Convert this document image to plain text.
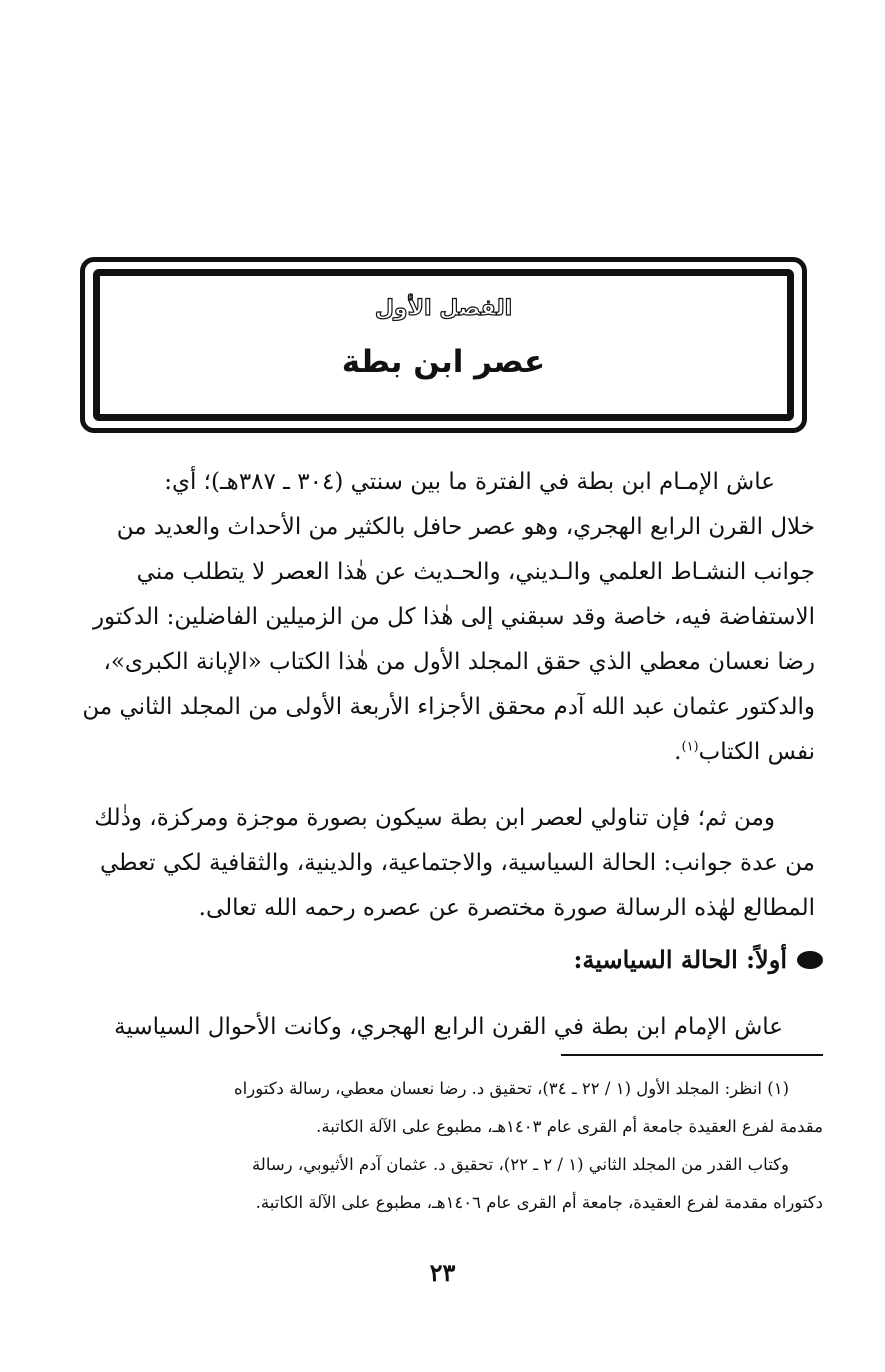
الفصل الأول
عصر ابن بطة
عاش الإمـام ابن بطة في الفترة ما بين سنتي (٣٠٤ ـ ٣٨٧هـ)؛ أي:
خلال القرن الرابع الهجري، وهو عصر حافل بالكثير من الأحداث والعديد من
جوانب النشـاط العلمي والـديني، والحـديث عن هٰذا العصر لا يتطلب مني
الاستفاضة فيه، خاصة وقد سبقني إلى هٰذا كل من الزميلين الفاضلين: الدكتور
رضا نعسان معطي الذي حقق المجلد الأول من هٰذا الكتاب «الإبانة الكبرى»،
والدكتور عثمان عبد الله آدم محقق الأجزاء الأربعة الأولى من المجلد الثاني من
نفس الكتاب$^{(١)}$.
ومن ثم؛ فإن تناولي لعصر ابن بطة سيكون بصورة موجزة ومركزة، وذٰلك
من عدة جوانب: الحالة السياسية، والاجتماعية، والدينية، والثقافية لكي تعطي
المطالع لهٰذه الرسالة صورة مختصرة عن عصره رحمه الله تعالى.
أولاً: الحالة السياسية:
عاش الإمام ابن بطة في القرن الرابع الهجري، وكانت الأحوال السياسية
(١) انظر: المجلد الأول (١ / ٢٢ ـ ٣٤)، تحقيق د. رضا نعسان معطي، رسالة دكتوراه
مقدمة لفرع العقيدة جامعة أم القرى عام ١٤٠٣هـ، مطبوع على الآلة الكاتبة.
وكتاب القدر من المجلد الثاني (١ / ٢ ـ ٢٢)، تحقيق د. عثمان آدم الأثيوبي، رسالة
دكتوراه مقدمة لفرع العقيدة، جامعة أم القرى عام ١٤٠٦هـ، مطبوع على الآلة الكاتبة.
٢٣
